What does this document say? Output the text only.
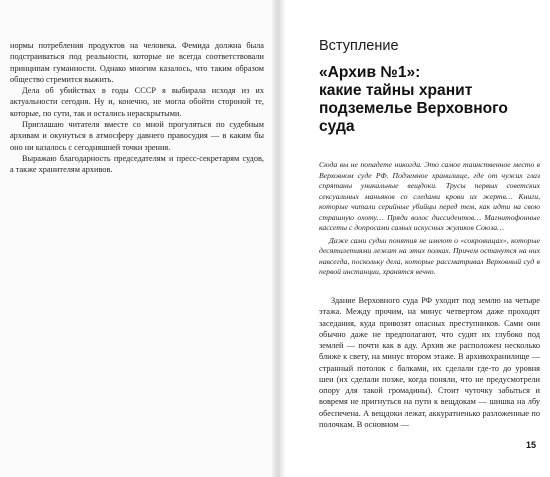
нормы потребления продуктов на человека. Фемида должна была подстраиваться под реальности, которые не всегда соответствовали принципам гуманности. Однако многим казалось, что таким образом общество стремится выжить.

Дела об убийствах в годы СССР я выбирала исходя из их актуальности сегодня. Ну и, конечно, не могла обойти стороной те, которые, по сути, так и остались нераскрытыми.

Приглашаю читателя вместе со мной прогуляться по судебным архивам и окунуться в атмосферу давнего правосудия — в каким бы оно ни казалось с сегодняшней точки зрения.

Выражаю благодарность председателям и пресс-секретарям судов, а также хранителям архивов.

Вступление
«Архив №1»:
какие тайны хранит
подземелье Верховного суда

Сюда вы не попадете никогда. Это самое таинственное место в Верховном суде РФ. Подземное хранилище, где от чужих глаз спрятаны уникальные вещдоки. Трусы первых советских сексуальных маньяков со следами крови их жертв… Книги, которые читали серийные убийцы перед тем, как идти на свою страшную охоту… Пряди волос диссидентов… Магнитофонные кассеты с допросами самых искусных жуликов Союза…

Даже сами судьи понятия не имеют о «сокровищах», которые десятилетиями лежат на этих полках. Причем останутся на них навсегда, поскольку дела, которые рассматривал Верховный суд в первой инстанции, хранятся вечно.

Здание Верховного суда РФ уходит под землю на четыре этажа. Между прочим, на минус четвертом даже проходят заседания, куда привозят опасных преступников. Сами они обычно даже не предполагают, что судят их глубоко под землей — почти как в аду. Архив же расположен несколько ближе к свету, на минус втором этаже. В архивохранилище — странный потолок с балками, их сделали где-то до уровня шеи (их сделали позже, когда поняли, что не предусмотрели опору для такой громадины). Стоит чуточку забыться и вовремя не пригнуться на пути к вещдокам — шишка на лбу обеспечена. А вещдоки лежат, аккуратненько разложенные по полочкам. В основном —

15
